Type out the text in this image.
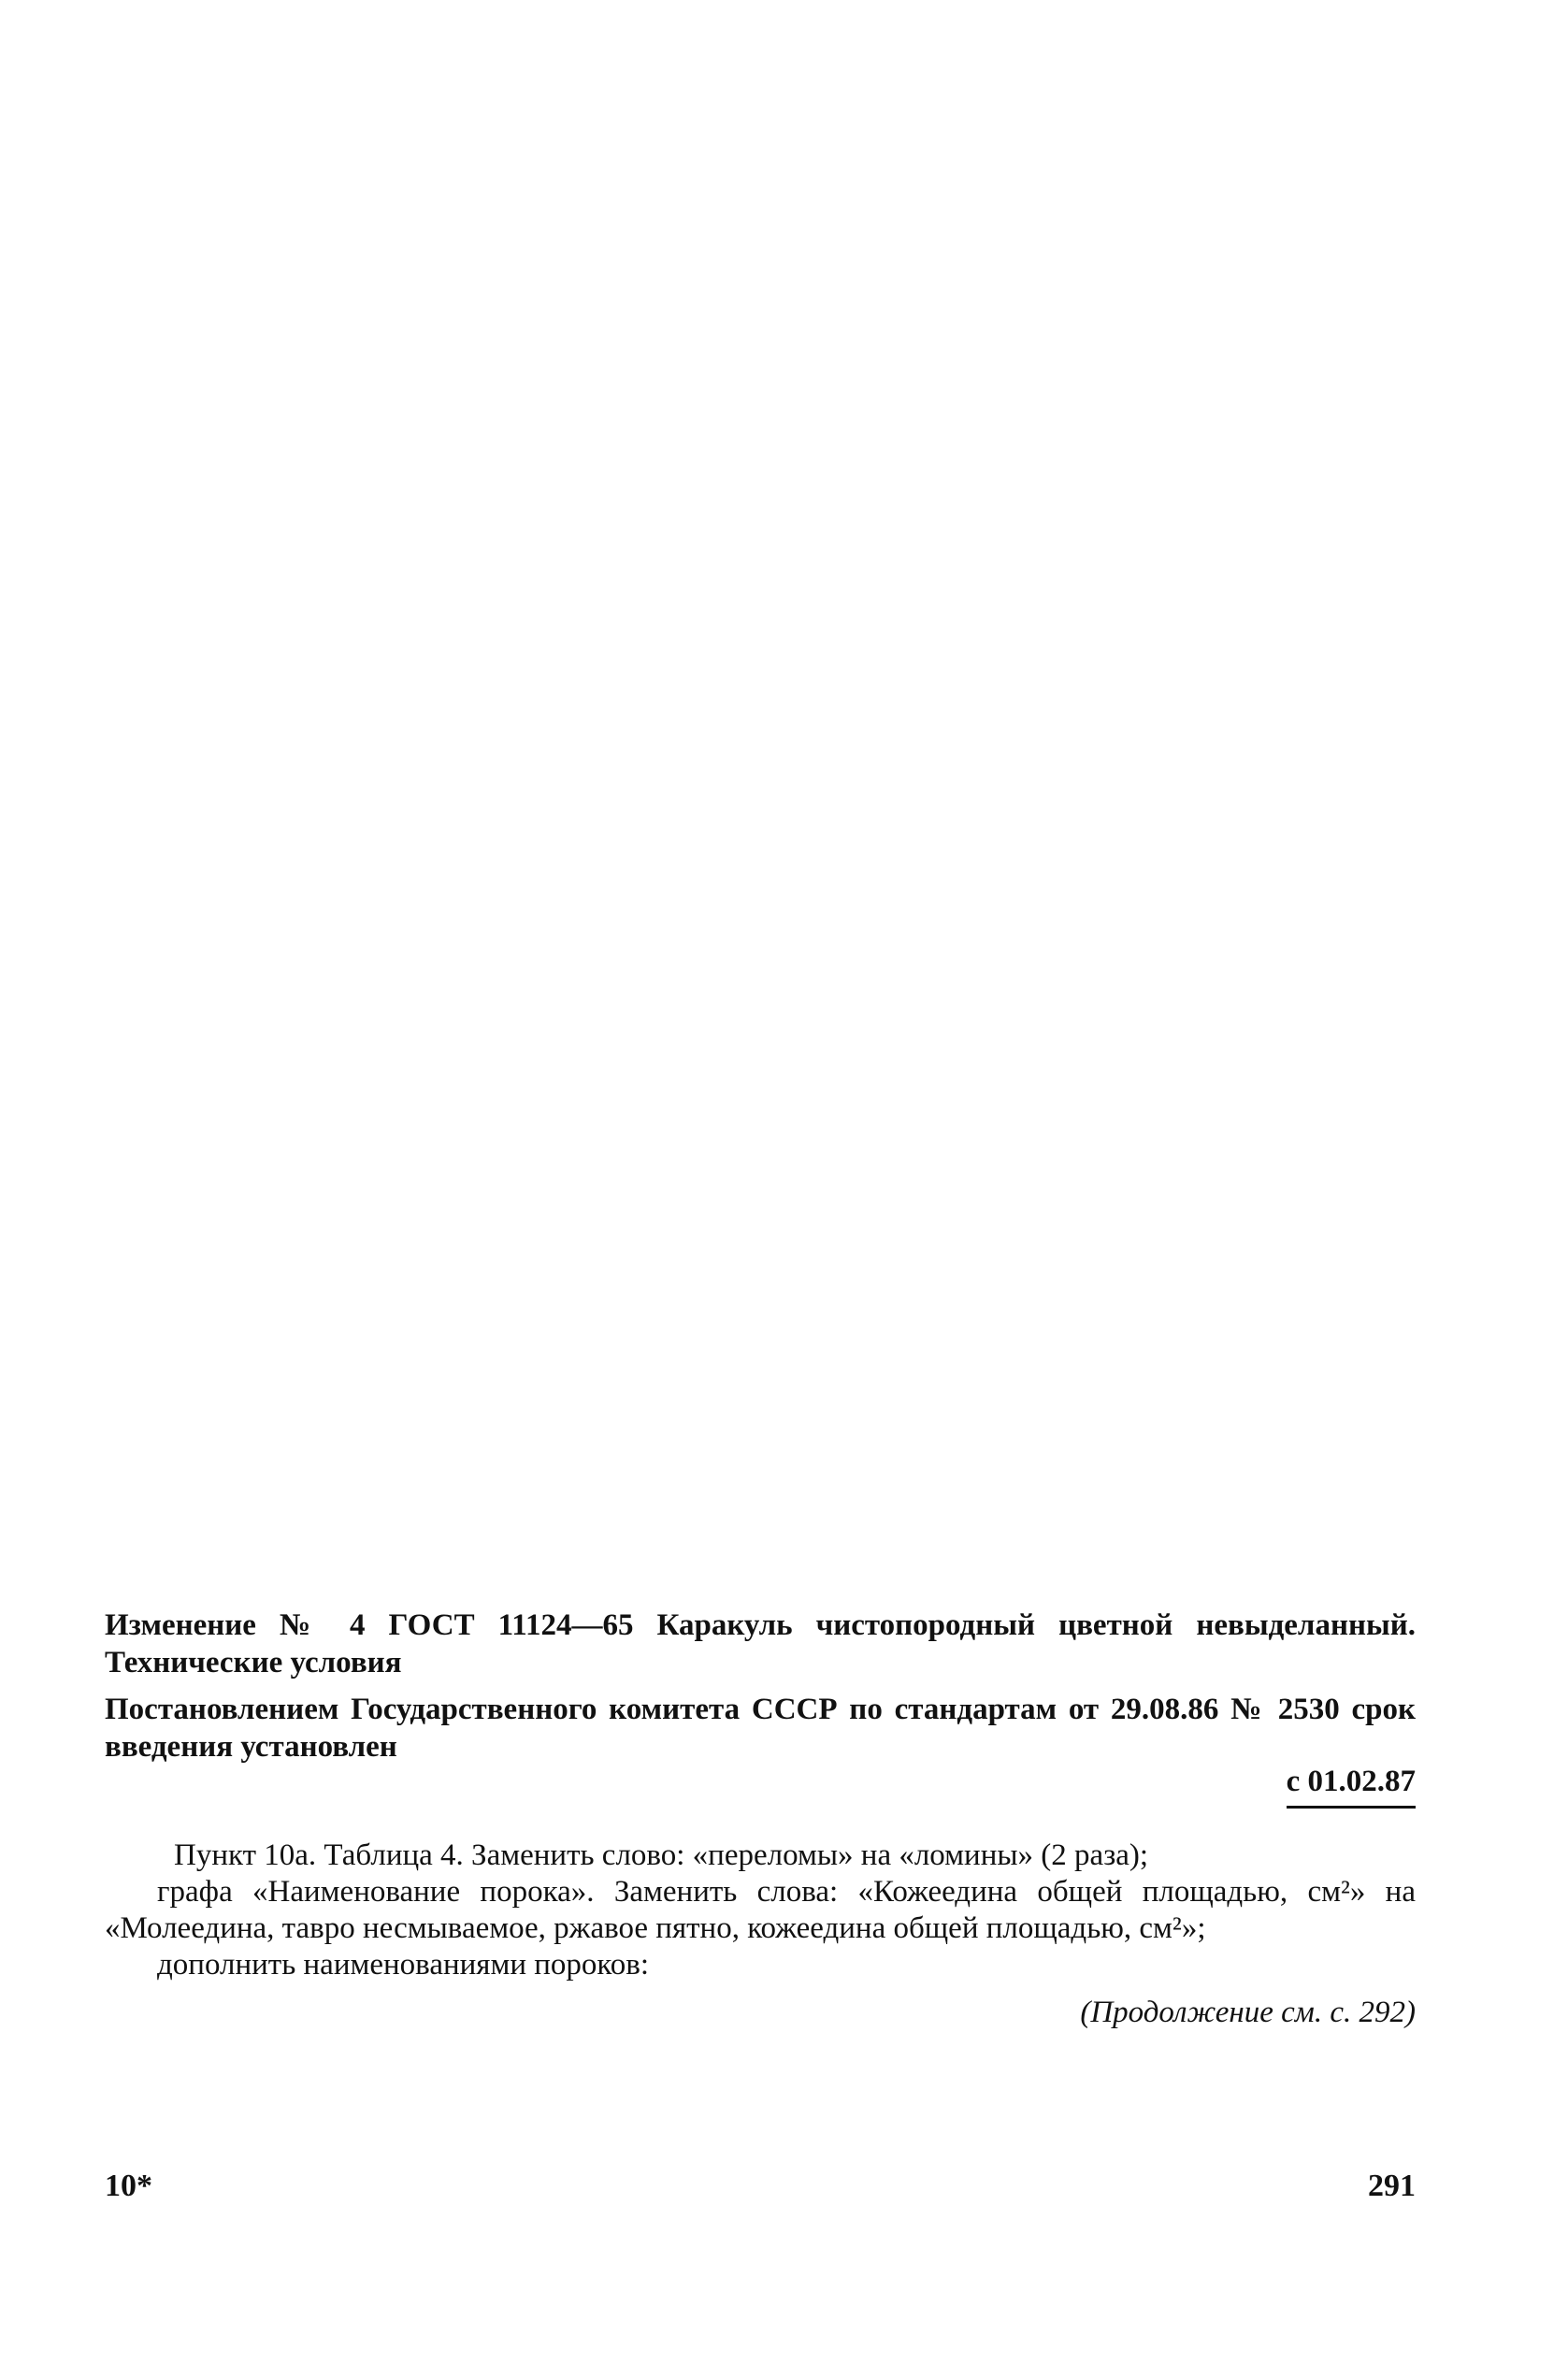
Изменение № 4 ГОСТ 11124—65 Каракуль чистопородный цветной невыделанный. Технические условия
Постановлением Государственного комитета СССР по стандартам от 29.08.86 № 2530 срок введения установлен
с 01.02.87

Пункт 10а. Таблица 4. Заменить слово: «переломы» на «ломины» (2 раза);

графа «Наименование порока». Заменить слова: «Кожеедина общей площадью, см²» на «Молеедина, тавро несмываемое, ржавое пятно, кожеедина общей площадью, см²»;

дополнить наименованиями пороков:

(Продолжение см. с. 292)
10*	291
